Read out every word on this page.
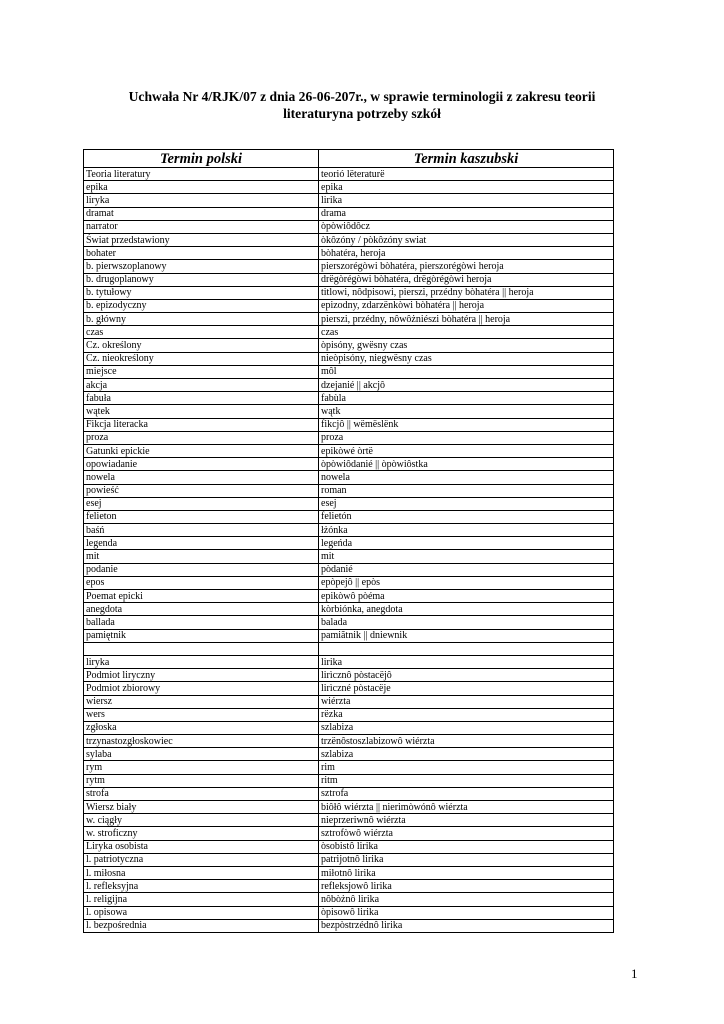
Uchwała Nr 4/RJK/07 z dnia 26-06-207r., w sprawie terminologii z zakresu teorii
literaturyna potrzeby szkół
Termin polski	Termin kaszubski
Teoria literatury	teorió lëteraturë
epika	epika
liryka	lirika
dramat	drama
narrator	òpòwiôdôcz
Świat przedstawiony	òkôzóny / pòkôzóny swiat
bohater	bòhatéra, heroja
b. pierwszoplanowy	pierszorégòwi bòhatéra, pierszorégòwi heroja
b. drugoplanowy	drëgòrégòwi bòhatéra, drëgòrégòwi heroja
b. tytułowy	titlowi, nôdpisowi, pierszi, przédny bòhatéra || heroja
b. epizodyczny	epizodny, zdarzënkòwi bòhatéra || heroja
b. główny	pierszi, przédny, nôwôżniészi bòhatéra || heroja
czas	czas
Cz. określony	òpisóny, gwësny czas
Cz. nieokreślony	nieòpisóny, niegwësny czas
miejsce	môl
akcja	dzejanié || akcjô
fabuła	fabùla
wątek	wątk
Fikcja literacka	fikcjô || wëmëslënk
proza	proza
Gatunki epickie	epikòwé òrtë
opowiadanie	òpòwiôdanié || òpòwiôstka
nowela	nowela
powieść	roman
esej	esej
felieton	felietón
baśń	łżónka
legenda	legeńda
mit	mit
podanie	pòdanié
epos	epòpejô || epòs
Poemat epicki	epikòwô pòéma
anegdota	kòrbiónka, anegdota
ballada	balada
pamiętnik	pamiãtnik || dniewnik

liryka	lirika
Podmiot liryczny	lirìcznô pòstacëjô
Podmiot zbiorowy	lirìczné pòstacëje
wiersz	wiérzta
wers	rëzka
zgłoska	szlabiza
trzynastozgłoskowiec	trzënôstoszlabizowô wiérzta
sylaba	szlabiza
rym	rim
rytm	ritm
strofa	sztrofa
Wiersz biały	biôłô wiérzta || nierimòwónô wiérzta
w. ciągły	nieprzeriwnô wiérzta
w. stroficzny	sztrofòwô wiérzta
Liryka osobista	òsobistô lirika
l. patriotyczna	patrijotnô lirika
l. miłosna	miłotnô lirika
l. refleksyjna	refleksjowô lirika
l. religijna	nôbòżnô lirika
l. opisowa	òpisowô lirika
l. bezpośrednia	bezpòstrzédnô lirika
1
